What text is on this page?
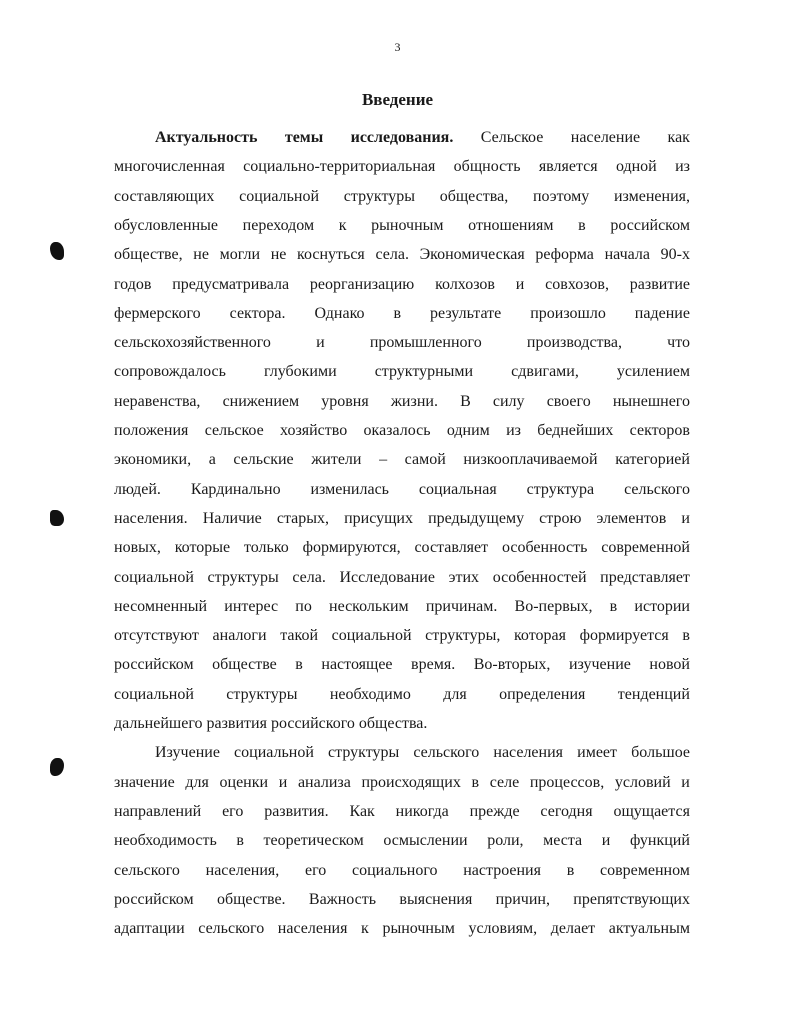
3
Введение
Актуальность темы исследования. Сельское население как
многочисленная социально-территориальная общность является одной из
составляющих социальной структуры общества, поэтому изменения,
обусловленные переходом к рыночным отношениям в российском
обществе, не могли не коснуться села. Экономическая реформа начала 90-х
годов предусматривала реорганизацию колхозов и совхозов, развитие
фермерского сектора. Однако в результате произошло падение
сельскохозяйственного	и	промышленного	производства,	что
сопровождалось глубокими структурными сдвигами, усилением
неравенства, снижением уровня жизни. В силу своего нынешнего
положения сельское хозяйство оказалось одним из беднейших секторов
экономики, а сельские жители – самой низкооплачиваемой категорией
людей. Кардинально изменилась социальная структура сельского
населения. Наличие старых, присущих предыдущему строю элементов и
новых, которые только формируются, составляет особенность современной
социальной структуры села. Исследование этих особенностей представляет
несомненный интерес по нескольким причинам. Во-первых, в истории
отсутствуют аналоги такой социальной структуры, которая формируется в
российском обществе в настоящее время. Во-вторых, изучение новой
социальной структуры необходимо для определения тенденций
дальнейшего развития российского общества.
Изучение социальной структуры сельского населения имеет большое
значение для оценки и анализа происходящих в селе процессов, условий и
направлений его развития. Как никогда прежде сегодня ощущается
необходимость в теоретическом осмыслении роли, места и функций
сельского населения, его социального настроения в современном
российском обществе. Важность выяснения причин, препятствующих
адаптации сельского населения к рыночным условиям, делает актуальным
